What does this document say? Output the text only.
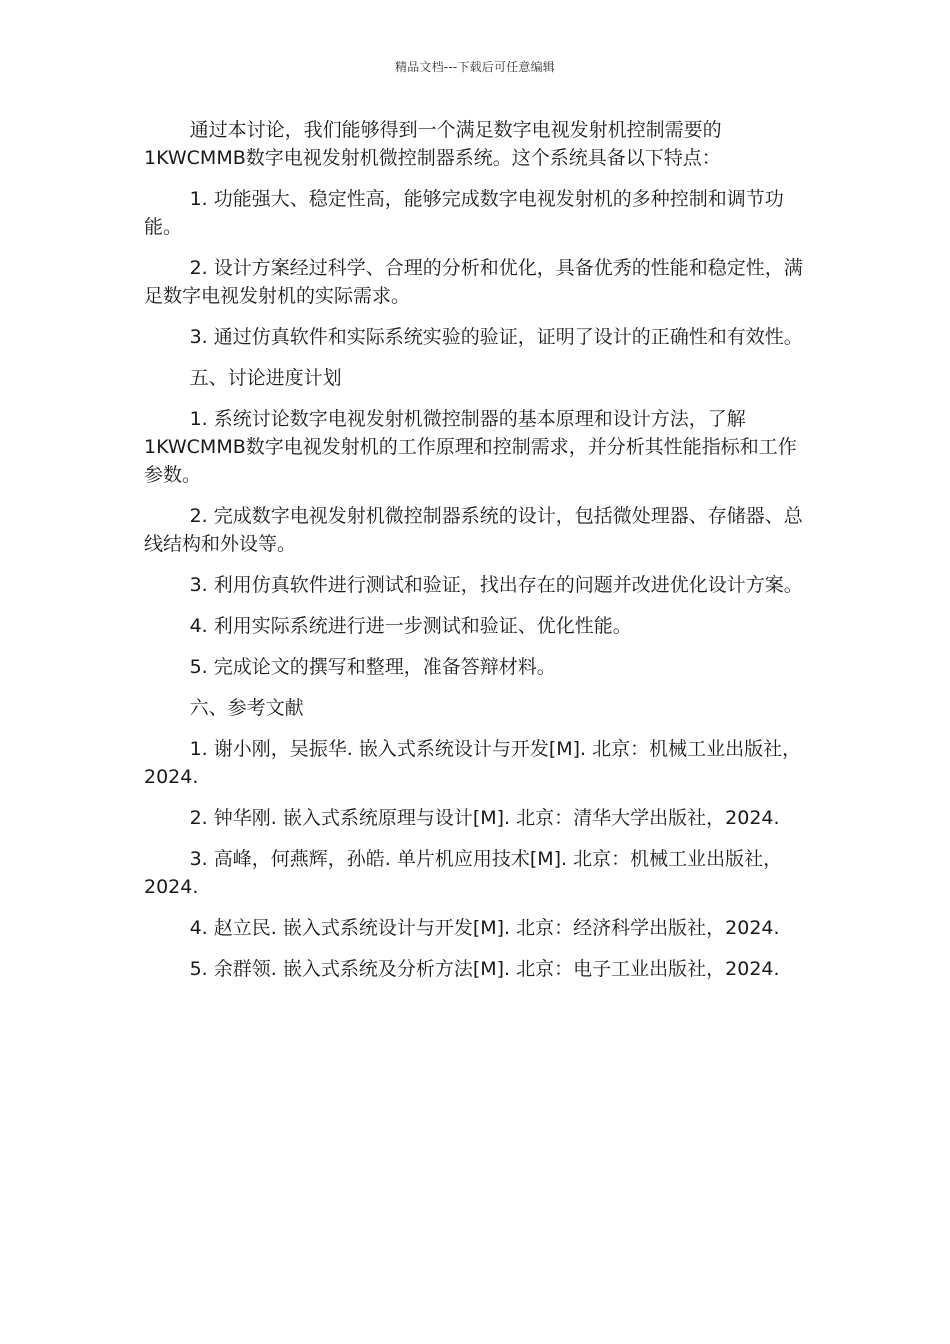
精品文档---下载后可任意编辑

通过本讨论，我们能够得到一个满足数字电视发射机控制需要的1KWCMMB数字电视发射机微控制器系统。这个系统具备以下特点：

1. 功能强大、稳定性高，能够完成数字电视发射机的多种控制和调节功能。

2. 设计方案经过科学、合理的分析和优化，具备优秀的性能和稳定性，满足数字电视发射机的实际需求。

3. 通过仿真软件和实际系统实验的验证，证明了设计的正确性和有效性。

五、讨论进度计划

1. 系统讨论数字电视发射机微控制器的基本原理和设计方法，了解1KWCMMB数字电视发射机的工作原理和控制需求，并分析其性能指标和工作参数。

2. 完成数字电视发射机微控制器系统的设计，包括微处理器、存储器、总线结构和外设等。

3. 利用仿真软件进行测试和验证，找出存在的问题并改进优化设计方案。

4. 利用实际系统进行进一步测试和验证、优化性能。

5. 完成论文的撰写和整理，准备答辩材料。

六、参考文献

1. 谢小刚，吴振华. 嵌入式系统设计与开发[M]. 北京：机械工业出版社，2024.

2. 钟华刚. 嵌入式系统原理与设计[M]. 北京：清华大学出版社，2024.

3. 高峰，何燕辉，孙皓. 单片机应用技术[M]. 北京：机械工业出版社，2024.

4. 赵立民. 嵌入式系统设计与开发[M]. 北京：经济科学出版社，2024.

5. 余群领. 嵌入式系统及分析方法[M]. 北京：电子工业出版社，2024.
